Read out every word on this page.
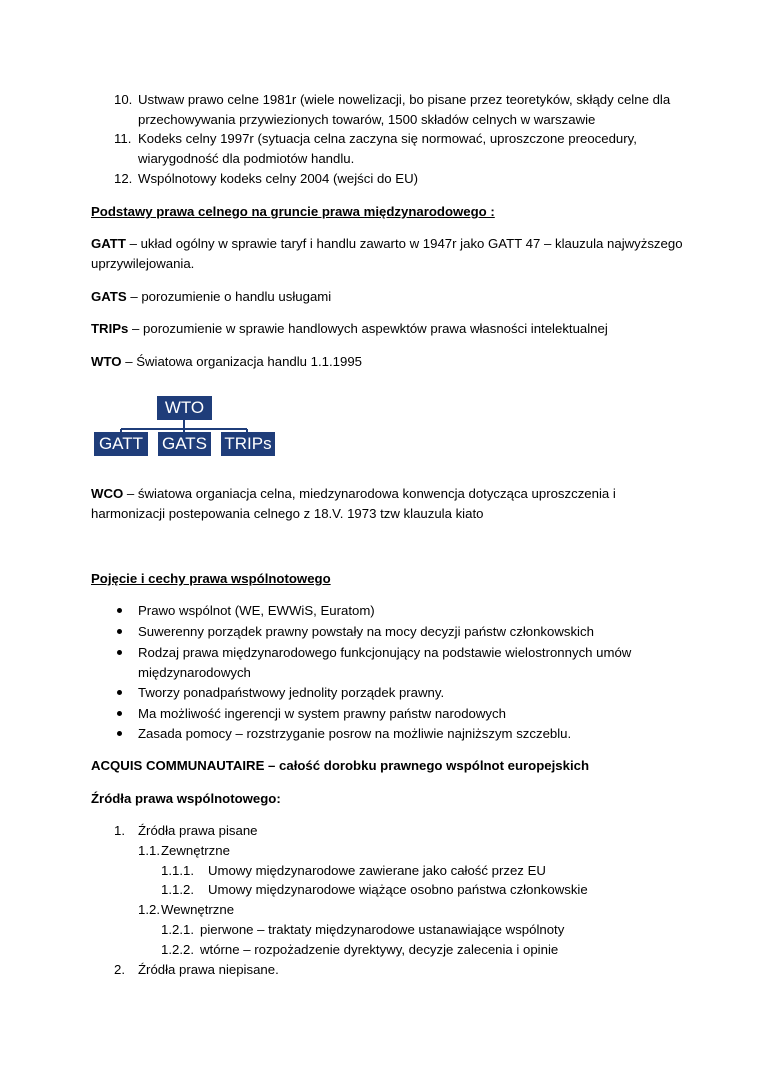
10. Ustwaw prawo celne 1981r (wiele nowelizacji, bo pisane przez teoretyków, skłądy celne dla
przechowywania przywiezionych towarów, 1500 składów celnych w warszawie
11. Kodeks celny 1997r (sytuacja celna zaczyna się normować, uproszczone preocedury,
wiarygodność dla podmiotów handlu.
12. Wspólnotowy kodeks celny 2004 (wejści do EU)
Podstawy prawa celnego na gruncie prawa międzynarodowego :
GATT – układ ogólny w sprawie taryf i handlu zawarto w 1947r jako GATT 47 – klauzula najwyższego
uprzywilejowania.
GATS – porozumienie o handlu usługami
TRIPs – porozumienie w sprawie handlowych aspewktów prawa własności intelektualnej
WTO – Światowa organizacja handlu 1.1.1995
WTO
GATT GATS TRIPs
WCO – światowa organiacja celna, miedzynarodowa konwencja dotycząca uproszczenia i
harmonizacji postepowania celnego z 18.V. 1973 tzw klauzula kiato
Pojęcie i cechy prawa wspólnotowego
Prawo wspólnot (WE, EWWiS, Euratom)
Suwerenny porządek prawny powstały na mocy decyzji państw członkowskich
Rodzaj prawa międzynarodowego funkcjonujący na podstawie wielostronnych umów
międzynarodowych
Tworzy ponadpaństwowy jednolity porządek prawny.
Ma możliwość ingerencji w system prawny państw narodowych
Zasada pomocy – rozstrzyganie posrow na możliwie najniższym szczeblu.
ACQUIS COMMUNAUTAIRE – całość dorobku prawnego wspólnot europejskich
Źródła prawa wspólnotowego:
1. Źródła prawa pisane
1.1. Zewnętrzne
1.1.1. Umowy międzynarodowe zawierane jako całość przez EU
1.1.2. Umowy międzynarodowe wiążące osobno państwa członkowskie
1.2. Wewnętrzne
1.2.1. pierwone – traktaty międzynarodowe ustanawiające wspólnoty
1.2.2. wtórne – rozpożadzenie dyrektywy, decyzje zalecenia i opinie
2. Źródła prawa niepisane.
